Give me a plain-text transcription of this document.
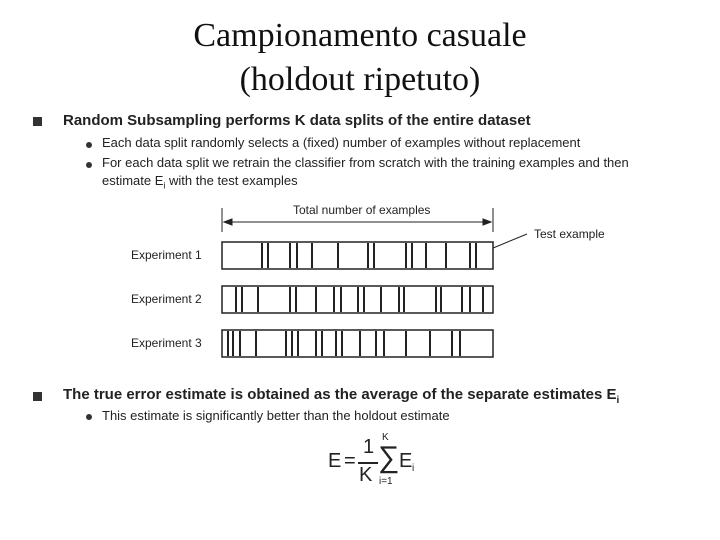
Campionamento casuale
(holdout ripetuto)
Random Subsampling performs K data splits of the entire dataset
Each data split randomly selects a (fixed) number of examples without replacement
For each data split we retrain the classifier from scratch with the training examples and then
estimate $E_i$ with the test examples
Total number of examples
Test example
Experiment 1
Experiment 2
Experiment 3
The true error estimate is obtained as the average of the separate estimates $E_i$
This estimate is significantly better than the holdout estimate
E =
1
K
K
∑
i=1
E i
